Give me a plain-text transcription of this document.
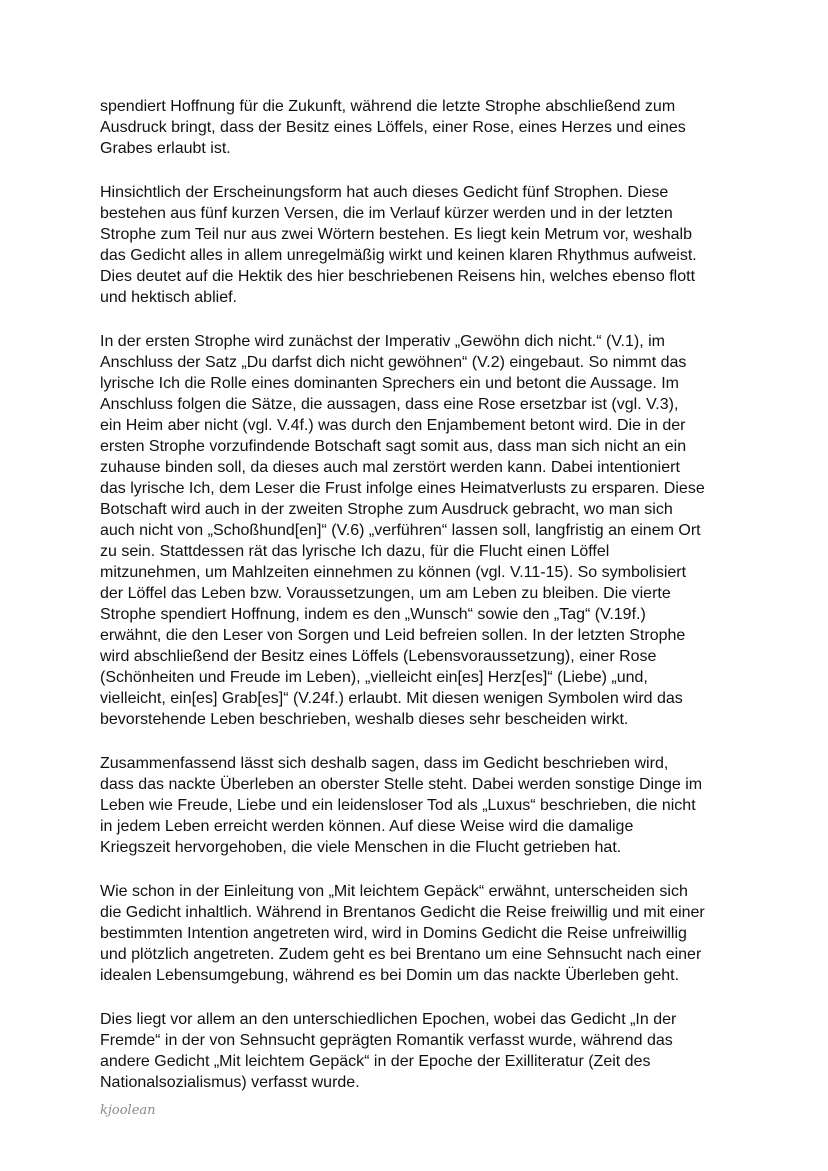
spendiert Hoffnung für die Zukunft, während die letzte Strophe abschließend zum
Ausdruck bringt, dass der Besitz eines Löffels, einer Rose, eines Herzes und eines
Grabes erlaubt ist.

Hinsichtlich der Erscheinungsform hat auch dieses Gedicht fünf Strophen. Diese
bestehen aus fünf kurzen Versen, die im Verlauf kürzer werden und in der letzten
Strophe zum Teil nur aus zwei Wörtern bestehen. Es liegt kein Metrum vor, weshalb
das Gedicht alles in allem unregelmäßig wirkt und keinen klaren Rhythmus aufweist.
Dies deutet auf die Hektik des hier beschriebenen Reisens hin, welches ebenso flott
und hektisch ablief.

In der ersten Strophe wird zunächst der Imperativ „Gewöhn dich nicht.“ (V.1), im
Anschluss der Satz „Du darfst dich nicht gewöhnen“ (V.2) eingebaut. So nimmt das
lyrische Ich die Rolle eines dominanten Sprechers ein und betont die Aussage. Im
Anschluss folgen die Sätze, die aussagen, dass eine Rose ersetzbar ist (vgl. V.3),
ein Heim aber nicht (vgl. V.4f.) was durch den Enjambement betont wird. Die in der
ersten Strophe vorzufindende Botschaft sagt somit aus, dass man sich nicht an ein
zuhause binden soll, da dieses auch mal zerstört werden kann. Dabei intentioniert
das lyrische Ich, dem Leser die Frust infolge eines Heimatverlusts zu ersparen. Diese
Botschaft wird auch in der zweiten Strophe zum Ausdruck gebracht, wo man sich
auch nicht von „Schoßhund[en]“ (V.6) „verführen“ lassen soll, langfristig an einem Ort
zu sein. Stattdessen rät das lyrische Ich dazu, für die Flucht einen Löffel
mitzunehmen, um Mahlzeiten einnehmen zu können (vgl. V.11-15). So symbolisiert
der Löffel das Leben bzw. Voraussetzungen, um am Leben zu bleiben. Die vierte
Strophe spendiert Hoffnung, indem es den „Wunsch“ sowie den „Tag“ (V.19f.)
erwähnt, die den Leser von Sorgen und Leid befreien sollen. In der letzten Strophe
wird abschließend der Besitz eines Löffels (Lebensvoraussetzung), einer Rose
(Schönheiten und Freude im Leben), „vielleicht ein[es] Herz[es]“ (Liebe) „und,
vielleicht, ein[es] Grab[es]“ (V.24f.) erlaubt. Mit diesen wenigen Symbolen wird das
bevorstehende Leben beschrieben, weshalb dieses sehr bescheiden wirkt.

Zusammenfassend lässt sich deshalb sagen, dass im Gedicht beschrieben wird,
dass das nackte Überleben an oberster Stelle steht. Dabei werden sonstige Dinge im
Leben wie Freude, Liebe und ein leidensloser Tod als „Luxus“ beschrieben, die nicht
in jedem Leben erreicht werden können. Auf diese Weise wird die damalige
Kriegszeit hervorgehoben, die viele Menschen in die Flucht getrieben hat.

Wie schon in der Einleitung von „Mit leichtem Gepäck“ erwähnt, unterscheiden sich
die Gedicht inhaltlich. Während in Brentanos Gedicht die Reise freiwillig und mit einer
bestimmten Intention angetreten wird, wird in Domins Gedicht die Reise unfreiwillig
und plötzlich angetreten. Zudem geht es bei Brentano um eine Sehnsucht nach einer
idealen Lebensumgebung, während es bei Domin um das nackte Überleben geht.

Dies liegt vor allem an den unterschiedlichen Epochen, wobei das Gedicht „In der
Fremde“ in der von Sehnsucht geprägten Romantik verfasst wurde, während das
andere Gedicht „Mit leichtem Gepäck“ in der Epoche der Exilliteratur (Zeit des
Nationalsozialismus) verfasst wurde.

kjoolean
